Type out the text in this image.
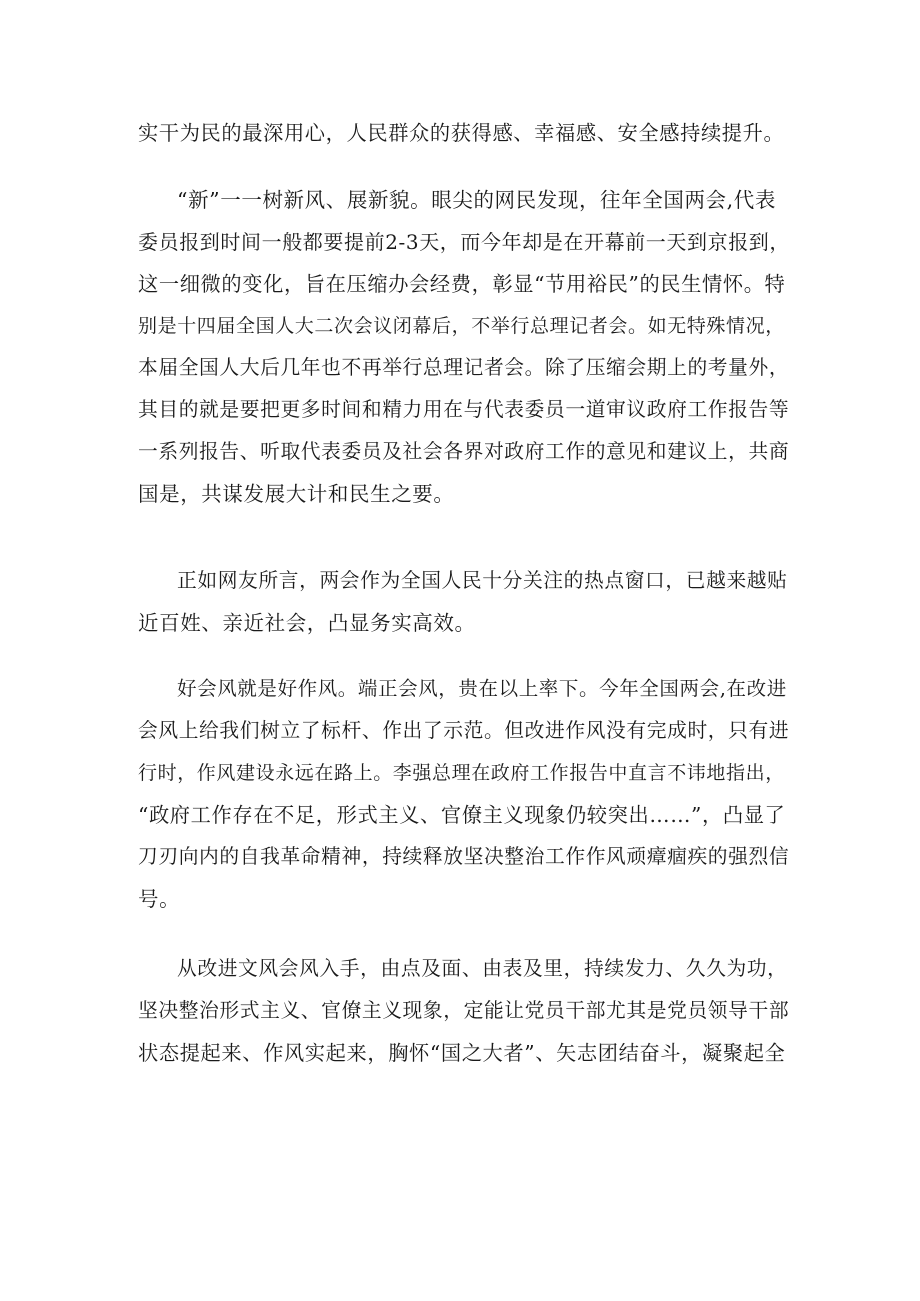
实干为民的最深用心，人民群众的获得感、幸福感、安全感持续提升。
“新”一一树新风、展新貌。眼尖的网民发现，往年全国两会,代表
委员报到时间一般都要提前2-3天，而今年却是在开幕前一天到京报到，
这一细微的变化，旨在压缩办会经费，彰显“节用裕民”的民生情怀。特
别是十四届全国人大二次会议闭幕后，不举行总理记者会。如无特殊情况，
本届全国人大后几年也不再举行总理记者会。除了压缩会期上的考量外，
其目的就是要把更多时间和精力用在与代表委员一道审议政府工作报告等
一系列报告、听取代表委员及社会各界对政府工作的意见和建议上，共商
国是，共谋发展大计和民生之要。
正如网友所言，两会作为全国人民十分关注的热点窗口，已越来越贴
近百姓、亲近社会，凸显务实高效。
好会风就是好作风。端正会风，贵在以上率下。今年全国两会,在改进
会风上给我们树立了标杆、作出了示范。但改进作风没有完成时，只有进
行时，作风建设永远在路上。李强总理在政府工作报告中直言不讳地指出，
“政府工作存在不足，形式主义、官僚主义现象仍较突出……”，凸显了
刀刃向内的自我革命精神，持续释放坚决整治工作作风顽瘴痼疾的强烈信
号。
从改进文风会风入手，由点及面、由表及里，持续发力、久久为功，
坚决整治形式主义、官僚主义现象，定能让党员干部尤其是党员领导干部
状态提起来、作风实起来，胸怀“国之大者”、矢志团结奋斗，凝聚起全
